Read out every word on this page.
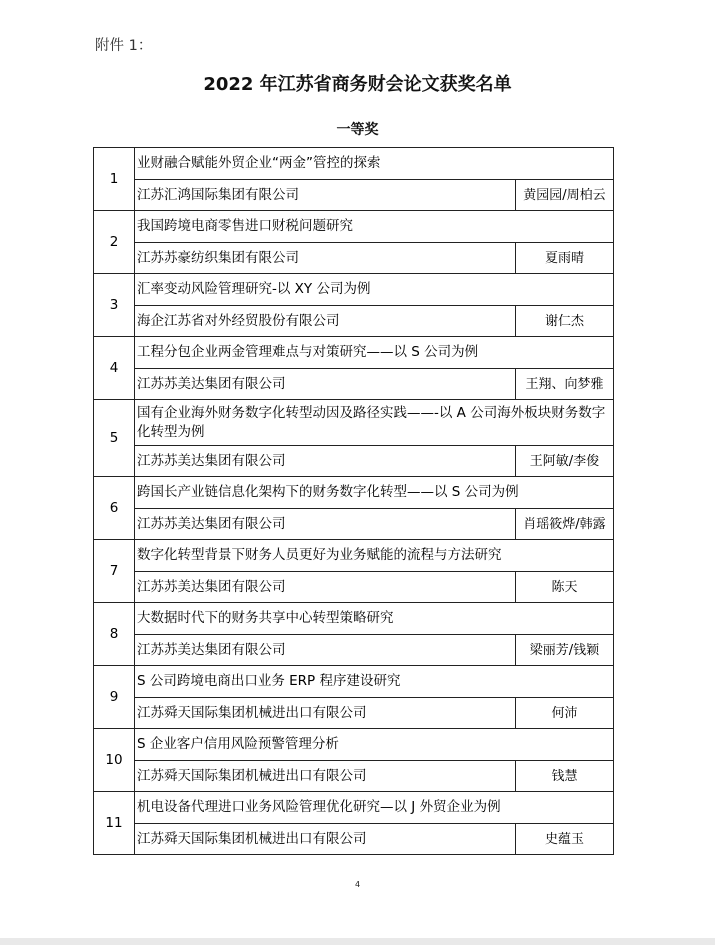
附件 1：
2022 年江苏省商务财会论文获奖名单
一等奖
1	业财融合赋能外贸企业“两金”管控的探索	
	江苏汇鸿国际集团有限公司	黄园园/周柏云
2	我国跨境电商零售进口财税问题研究	
	江苏苏豪纺织集团有限公司	夏雨晴
3	汇率变动风险管理研究-以 XY 公司为例	
	海企江苏省对外经贸股份有限公司	谢仁杰
4	工程分包企业两金管理难点与对策研究——以 S 公司为例	
	江苏苏美达集团有限公司	王翔、向梦雅
5	国有企业海外财务数字化转型动因及路径实践——-以 A 公司海外板块财务数字化转型为例	
	江苏苏美达集团有限公司	王阿敏/李俊
6	跨国长产业链信息化架构下的财务数字化转型——以 S 公司为例	
	江苏苏美达集团有限公司	肖瑶筱烨/韩露
7	数字化转型背景下财务人员更好为业务赋能的流程与方法研究	
	江苏苏美达集团有限公司	陈天
8	大数据时代下的财务共享中心转型策略研究	
	江苏苏美达集团有限公司	梁丽芳/钱颖
9	S 公司跨境电商出口业务 ERP 程序建设研究	
	江苏舜天国际集团机械进出口有限公司	何沛
10	S 企业客户信用风险预警管理分析	
	江苏舜天国际集团机械进出口有限公司	钱慧
11	机电设备代理进口业务风险管理优化研究—以 J 外贸企业为例	
	江苏舜天国际集团机械进出口有限公司	史蕴玉
4
